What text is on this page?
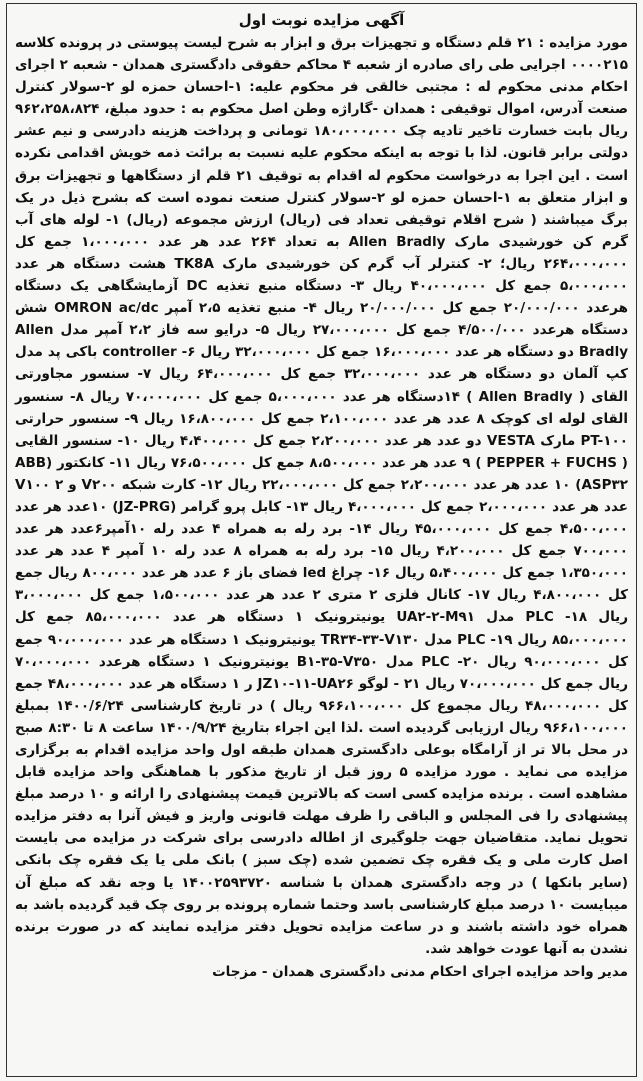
آگهی مزایده نوبت اول

مورد مزایده : ۲۱ قلم دستگاه و تجهیزات برق و ابزار به شرح لیست پیوستی در پرونده کلاسه ۰۰۰۰۲۱۵ اجرایی طی رای صادره از شعبه ۴ محاکم حقوقی دادگستری همدان - شعبه ۲ اجرای احکام مدنی محکوم له : مجتبی خالقی فر محکوم علیه: ۱-احسان حمزه لو ۲-سولار کنترل صنعت آدرس، اموال توقیفی : همدان -گاراژه وطن اصل محکوم به : حدود مبلغ، ۹۶۲،۲۵۸،۸۲۴ ریال بابت خسارت تاخیر تادیه چک ۱۸۰،۰۰۰،۰۰۰ تومانی و پرداخت هزینه دادرسی و نیم عشر دولتی برابر قانون. لذا با توجه به اینکه محکوم علیه نسبت به برائت ذمه خویش اقدامی نکرده است . این اجرا به درخواست محکوم له اقدام به توقیف ۲۱ قلم از دستگاهها و تجهیزات برق و ابزار متعلق به ۱-احسان حمزه لو ۲-سولار کنترل صنعت نموده است که بشرح ذیل در یک برگ میباشند ( شرح اقلام توقیفی تعداد فی (ریال) ارزش مجموعه (ریال) ۱- لوله های آب گرم کن خورشیدی مارک Allen Bradly به تعداد ۲۶۴ عدد هر عدد ۱،۰۰۰،۰۰۰ جمع کل ۲۶۴،۰۰۰،۰۰۰ ریال؛ ۲- کنترلر آب گرم کن خورشیدی مارک TK8A هشت دستگاه هر عدد ۵،۰۰۰،۰۰۰ جمع کل ۴۰،۰۰۰،۰۰۰ ریال ۳- دستگاه منبع تغذیه DC آزمایشگاهی یک دستگاه هرعدد ۲۰/۰۰۰/۰۰۰ جمع کل ۲۰/۰۰۰/۰۰۰ ریال ۴- منبع تغذیه ۲،۵ آمپر OMRON ac/dc شش دستگاه هرعدد ۴/۵۰۰/۰۰۰ جمع کل ۲۷،۰۰۰،۰۰۰ ریال ۵- درایو سه فاز ۲،۲ آمپر مدل Allen Bradly دو دستگاه هر عدد ۱۶،۰۰۰،۰۰۰ جمع کل ۳۲،۰۰۰،۰۰۰ ریال ۶- controller باکی پد مدل کپ آلمان دو دستگاه هر عدد ۳۲،۰۰۰،۰۰۰ جمع کل ۶۴،۰۰۰،۰۰۰ ریال ۷- سنسور مجاورتی القای ( Allen Bradly ) ۱۴دستگاه هر عدد ۵،۰۰۰،۰۰۰ جمع کل ۷۰،۰۰۰،۰۰۰ ریال ۸- سنسور القای لوله ای کوچک ۸ عدد هر عدد ۲،۱۰۰،۰۰۰ جمع کل ۱۶،۸۰۰،۰۰۰ ریال ۹- سنسور حرارتی PT-۱۰۰ مارک VESTA دو عدد هر عدد ۲،۲۰۰،۰۰۰ جمع کل ۴،۴۰۰،۰۰۰ ریال ۱۰- سنسور القایی ( PEPPER + FUCHS ) ۹ عدد هر عدد ۸،۵۰۰،۰۰۰ جمع کل ۷۶،۵۰۰،۰۰۰ ریال ۱۱- کانکتور (ABB ASP۳۲) ۱۰ عدد هر عدد ۲،۲۰۰،۰۰۰ جمع کل ۲۲،۰۰۰،۰۰۰ ریال ۱۲- کارت شبکه V۲۰۰ و V۱۰۰ ۲ عدد هر عدد ۲،۰۰۰،۰۰۰ جمع کل ۴،۰۰۰،۰۰۰ ریال ۱۳- کابل پرو گرامر (JZ-PRG) ۱۰عدد هر عدد ۴،۵۰۰،۰۰۰ جمع کل ۴۵،۰۰۰،۰۰۰ ریال ۱۴- برد رله به همراه ۴ عدد رله ۱۰آمپر۶عدد هر عدد ۷۰۰،۰۰۰ جمع کل ۴،۲۰۰،۰۰۰ ریال ۱۵- برد رله به همراه ۸ عدد رله ۱۰ آمپر ۴ عدد هر عدد ۱،۳۵۰،۰۰۰ جمع کل ۵،۴۰۰،۰۰۰ ریال ۱۶- چراغ led فضای باز ۶ عدد هر عدد ۸۰۰،۰۰۰ ریال جمع کل ۴،۸۰۰،۰۰۰ ریال ۱۷- کانال فلزی ۲ متری ۲ عدد هر عدد ۱،۵۰۰،۰۰۰ جمع کل ۳،۰۰۰،۰۰۰ ریال ۱۸- PLC مدل UA۲-۲-M۹۱ یونیترونیک ۱ دستگاه هر عدد ۸۵،۰۰۰،۰۰۰ جمع کل ۸۵،۰۰۰،۰۰۰ ریال ۱۹- PLC مدل TR۳۴-۳۳-V۱۳۰ یونیترونیک ۱ دستگاه هر عدد ۹۰،۰۰۰،۰۰۰ جمع کل ۹۰،۰۰۰،۰۰۰ ریال ۲۰- PLC مدل B۱-۳۵-V۳۵۰ یونیترونیک ۱ دستگاه هرعدد ۷۰،۰۰۰،۰۰۰ ریال جمع کل ۷۰،۰۰۰،۰۰۰ ریال ۲۱ - لوگو JZ۱۰-۱۱-UA۲۶ ر ۱ دستگاه هر عدد ۴۸،۰۰۰،۰۰۰ جمع کل ۴۸،۰۰۰،۰۰۰ ریال مجموع کل ۹۶۶،۱۰۰،۰۰۰ ریال ) در تاریخ کارشناسی ۱۴۰۰/۶/۲۴ بمبلغ ۹۶۶،۱۰۰،۰۰۰ ریال ارزیابی گردیده است .لذا این اجراء بتاریخ ۱۴۰۰/۹/۲۴ ساعت ۸ تا ۸:۳۰ صبح در محل بالا تر از آرامگاه بوعلی دادگستری همدان طبقه اول واحد مزایده اقدام به برگزاری مزایده می نماید . مورد مزایده ۵ روز قبل از تاریخ مذکور با هماهنگی واحد مزایده قابل مشاهده است . برنده مزایده کسی است که بالاترین قیمت پیشنهادی را ارائه و ۱۰ درصد مبلغ پیشنهادی را فی المجلس و الباقی را ظرف مهلت قانونی واریز و فیش آنرا به دفتر مزایده تحویل نماید. متقاضیان جهت جلوگیری از اطاله دادرسی برای شرکت در مزایده می بایست اصل کارت ملی و یک فقره چک تضمین شده (چک سبز ) بانک ملی یا یک فقره چک بانکی (سایر بانکها ) در وجه دادگستری همدان با شناسه ۱۴۰۰۲۵۹۳۷۲۰ یا وجه نقد که مبلغ آن میبایست ۱۰ درصد مبلغ کارشناسی باسد وحتما شماره پرونده بر روی چک قید گردیده باشد به همراه خود داشته باشند و در ساعت مزایده تحویل دفتر مزایده نمایند که در صورت برنده نشدن به آنها عودت خواهد شد.

مدیر واحد مزایده اجرای احکام مدنی دادگستری همدان - مزجات
